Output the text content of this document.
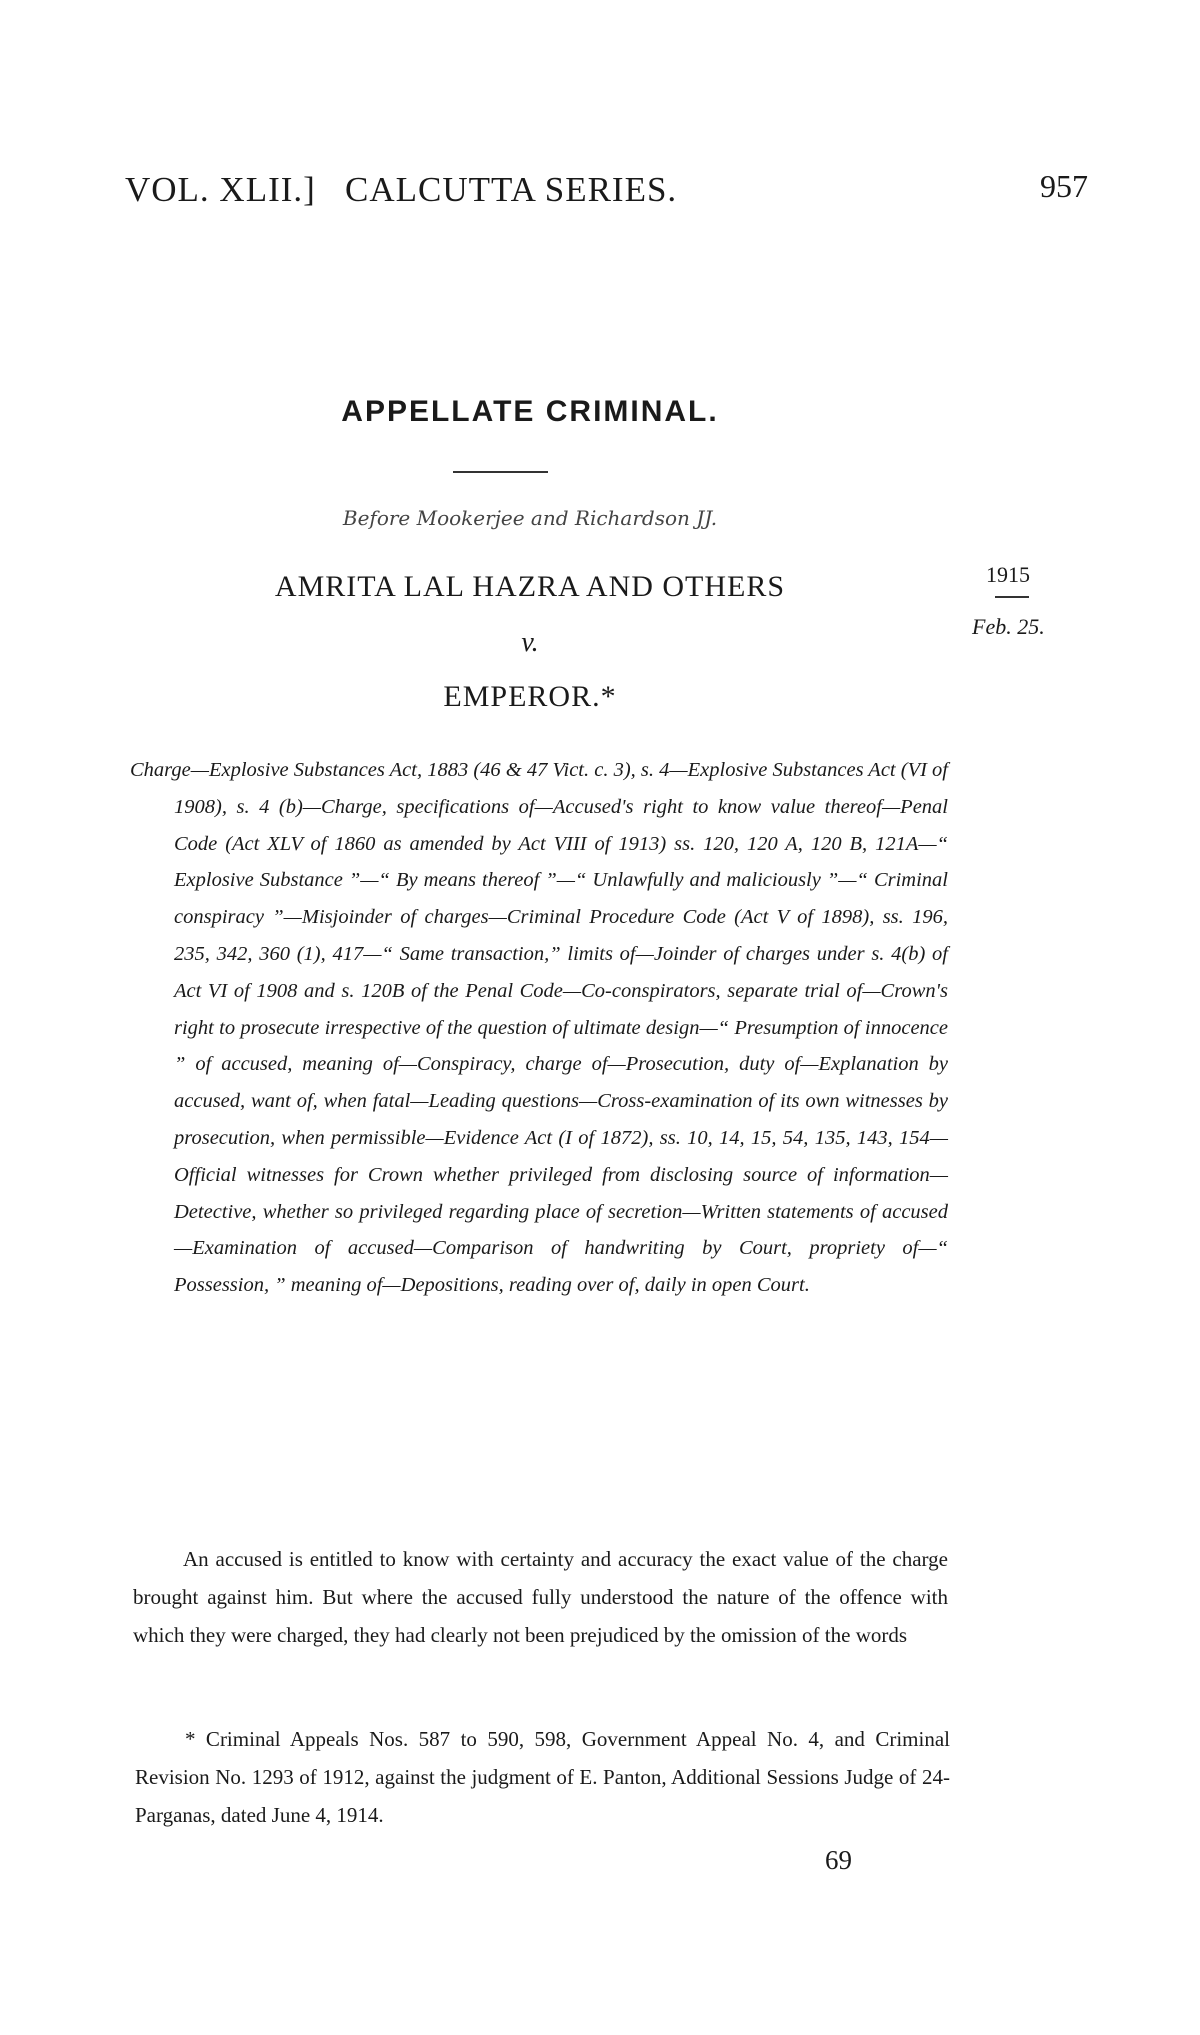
VOL. XLII.]   CALCUTTA SERIES.	957
APPELLATE CRIMINAL.
Before Mookerjee and Richardson JJ.
AMRITA LAL HAZRA AND OTHERS
v.
EMPEROR.*
1915
Feb. 25.
Charge—Explosive Substances Act, 1883 (46 & 47 Vict. c. 3), s. 4—Explosive Substances Act (VI of 1908), s. 4 (b)—Charge, specifications of—Accused's right to know value thereof—Penal Code (Act XLV of 1860 as amended by Act VIII of 1913) ss. 120, 120 A, 120 B, 121A—“ Explosive Substance ”—“ By means thereof ”—“ Unlawfully and maliciously ”—“ Criminal conspiracy ”—Misjoinder of charges—Criminal Procedure Code (Act V of 1898), ss. 196, 235, 342, 360 (1), 417—“ Same transaction,” limits of—Joinder of charges under s. 4(b) of Act VI of 1908 and s. 120B of the Penal Code—Co-conspirators, separate trial of—Crown's right to prosecute irrespective of the question of ultimate design—“ Presumption of innocence ” of accused, meaning of—Conspiracy, charge of—Prosecution, duty of—Explanation by accused, want of, when fatal—Leading questions—Cross-examination of its own witnesses by prosecution, when permissible—Evidence Act (I of 1872), ss. 10, 14, 15, 54, 135, 143, 154—Official witnesses for Crown whether privileged from disclosing source of information—Detective, whether so privileged regarding place of secretion—Written statements of accused—Examination of accused—Comparison of handwriting by Court, propriety of—“ Possession, ” meaning of—Depositions, reading over of, daily in open Court.
An accused is entitled to know with certainty and accuracy the exact value of the charge brought against him. But where the accused fully understood the nature of the offence with which they were charged, they had clearly not been prejudiced by the omission of the words
* Criminal Appeals Nos. 587 to 590, 598, Government Appeal No. 4, and Criminal Revision No. 1293 of 1912, against the judgment of E. Panton, Additional Sessions Judge of 24-Parganas, dated June 4, 1914.
69
